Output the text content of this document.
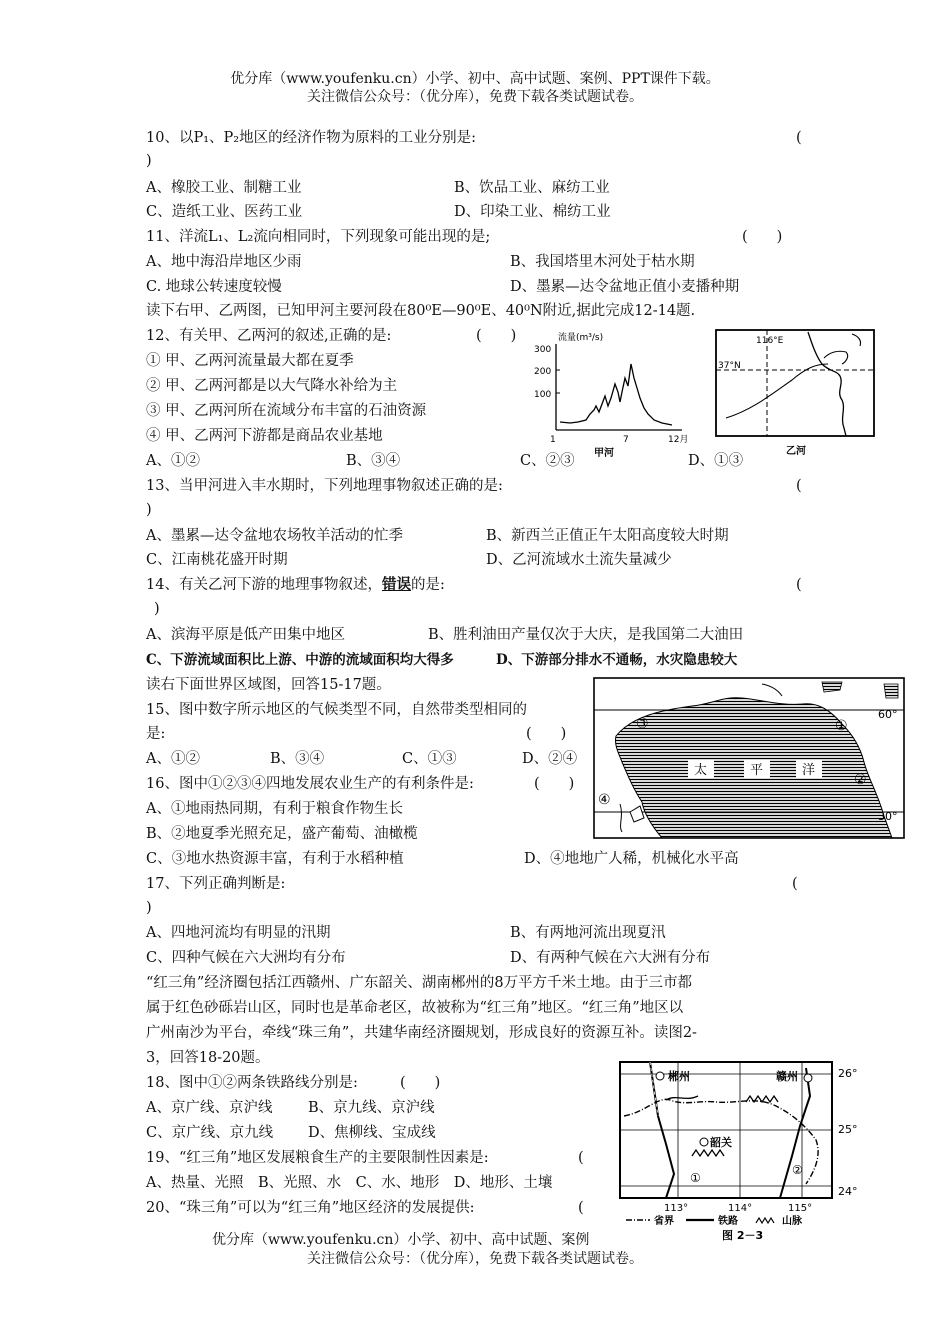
优分库（www.youfenku.cn）小学、初中、高中试题、案例、PPT课件下载。
关注微信公众号：（优分库），免费下载各类试题试卷。
10、以P₁、P₂地区的经济作物为原料的工业分别是:	(
)
A、橡胶工业、制糖工业	B、饮品工业、麻纺工业
C、造纸工业、医药工业	D、印染工业、棉纺工业
11、洋流L₁、L₂流向相同时，下列现象可能出现的是;	(　　)
A、地中海沿岸地区少雨	B、我国塔里木河处于枯水期
C. 地球公转速度较慢	D、墨累—达令盆地正值小麦播种期
读下右甲、乙两图，已知甲河主要河段在80⁰E—90⁰E、40⁰N附近,据此完成12-14题.
12、有关甲、乙两河的叙述,正确的是:	(　　)
① 甲、乙两河流量最大都在夏季
② 甲、乙两河都是以大气降水补给为主
③ 甲、乙两河所在流域分布丰富的石油资源
④ 甲、乙两河下游都是商品农业基地
A、①②	B、③④	C、②③	D、①③
流量(m³/s)
300
200
100
1	7	12月
甲河
116°E
37°N
乙河
13、当甲河进入丰水期时，下列地理事物叙述正确的是:	(
)
A、墨累—达令盆地农场牧羊活动的忙季	B、新西兰正值正午太阳高度较大时期
C、江南桃花盛开时期	D、乙河流域水土流失量减少
14、有关乙河下游的地理事物叙述，错误的是:	(
)
A、滨海平原是低产田集中地区	B、胜利油田产量仅次于大庆，是我国第二大油田
C、下游流域面积比上游、中游的流域面积均大得多	D、下游部分排水不通畅，水灾隐患较大
读右下面世界区域图，回答15-17题。
15、图中数字所示地区的气候类型不同，自然带类型相同的
是:	(　　)
A、①②	B、③④	C、①③	D、②④
16、图中①②③④四地发展农业生产的有利条件是:	(　　)
A、①地雨热同期，有利于粮食作物生长
B、②地夏季光照充足，盛产葡萄、油橄榄
C、③地水热资源丰富，有利于水稻种植	D、④地地广人稀，机械化水平高
太	平	洋
60°
30°
①
②
③
④
17、下列正确判断是:	(
)
A、四地河流均有明显的汛期	B、有两地河流出现夏汛
C、四种气候在六大洲均有分布	D、有两种气候在六大洲有分布
“红三角”经济圈包括江西赣州、广东韶关、湖南郴州的8万平方千米土地。由于三市都
属于红色砂砾岩山区，同时也是革命老区，故被称为“红三角”地区。“红三角”地区以
广州南沙为平台，牵线“珠三角”，共建华南经济圈规划，形成良好的资源互补。读图2-
3，回答18-20题。
18、图中①②两条铁路线分别是:	(　　)
A、京广线、京沪线 B、京九线、京沪线
C、京广线、京九线 D、焦柳线、宝成线
19、“红三角”地区发展粮食生产的主要限制性因素是:	(
A、热量、光照　B、光照、水　C、水、地形　D、地形、土壤
20、“珠三角”可以为“红三角”地区经济的发展提供:	(
郴州	赣州
韶关
①
②
26°
25°
24°
113°	114°	115°
省界	铁路	山脉
图 2－3
优分库（www.youfenku.cn）小学、初中、高中试题、案例
关注微信公众号：（优分库），免费下载各类试题试卷。
